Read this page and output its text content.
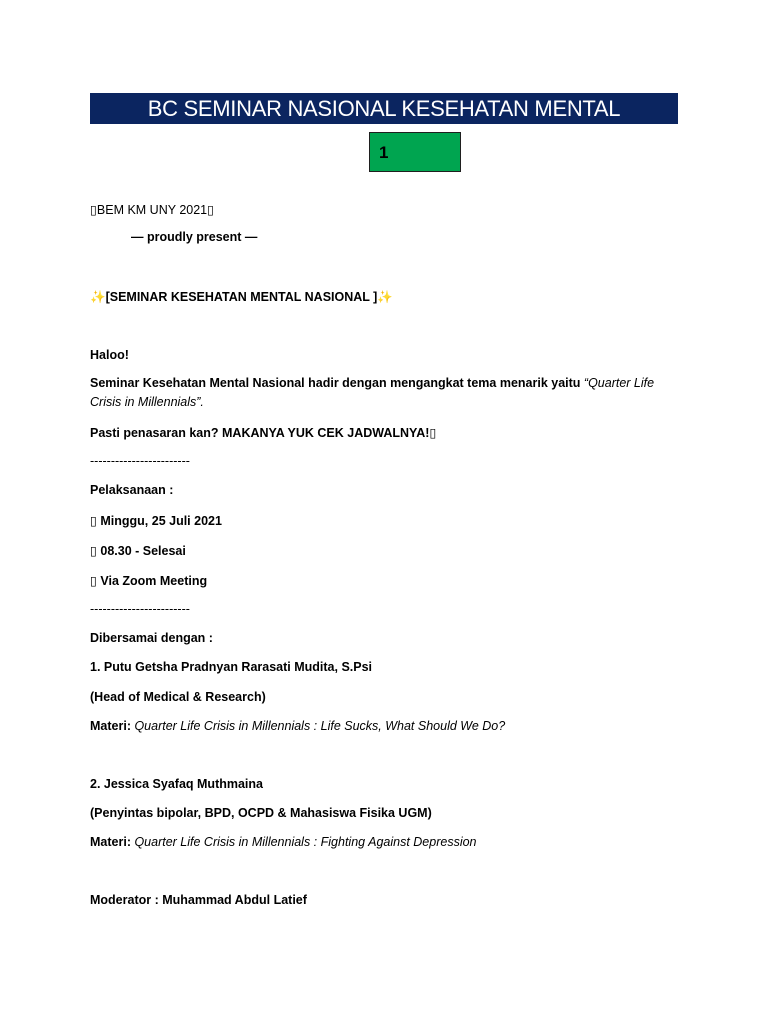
BC SEMINAR NASIONAL KESEHATAN MENTAL
1
▯BEM KM UNY 2021▯
— proudly present —
✨[SEMINAR KESEHATAN MENTAL NASIONAL ]✨
Haloo!
Seminar Kesehatan Mental Nasional hadir dengan mengangkat tema menarik yaitu “Quarter Life Crisis in Millennials”.
Pasti penasaran kan? MAKANYA YUK CEK JADWALNYA!▯
------------------------
Pelaksanaan :
▯ Minggu, 25 Juli 2021
▯ 08.30 - Selesai
▯ Via Zoom Meeting
------------------------
Dibersamai dengan :
1. Putu Getsha Pradnyan Rarasati Mudita, S.Psi
(Head of Medical & Research)
Materi: Quarter Life Crisis in Millennials : Life Sucks, What Should We Do?
2. Jessica Syafaq Muthmaina
(Penyintas bipolar, BPD, OCPD & Mahasiswa Fisika UGM)
Materi: Quarter Life Crisis in Millennials : Fighting Against Depression
Moderator : Muhammad Abdul Latief
